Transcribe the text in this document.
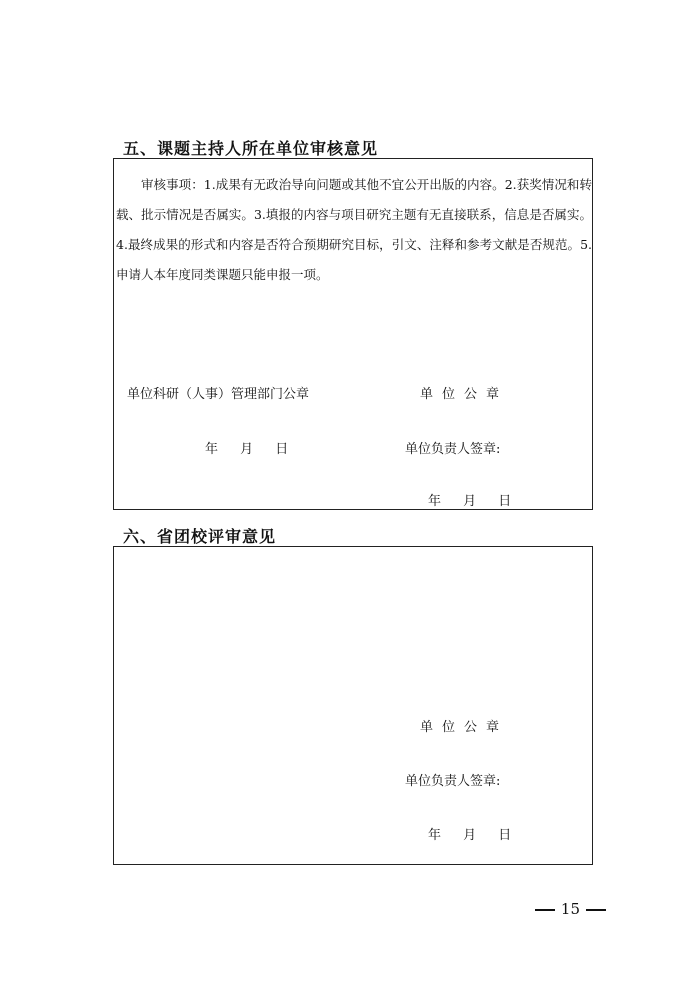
五、课题主持人所在单位审核意见

审核事项：1.成果有无政治导向问题或其他不宜公开出版的内容。2.获奖情况和转载、批示情况是否属实。3.填报的内容与项目研究主题有无直接联系，信息是否属实。4.最终成果的形式和内容是否符合预期研究目标，引文、注释和参考文献是否规范。5.申请人本年度同类课题只能申报一项。

单位科研（人事）管理部门公章	单位公章
年 月 日	单位负责人签章:
年 月 日
六、省团校评审意见
单位公章
单位负责人签章:
年 月 日
15
